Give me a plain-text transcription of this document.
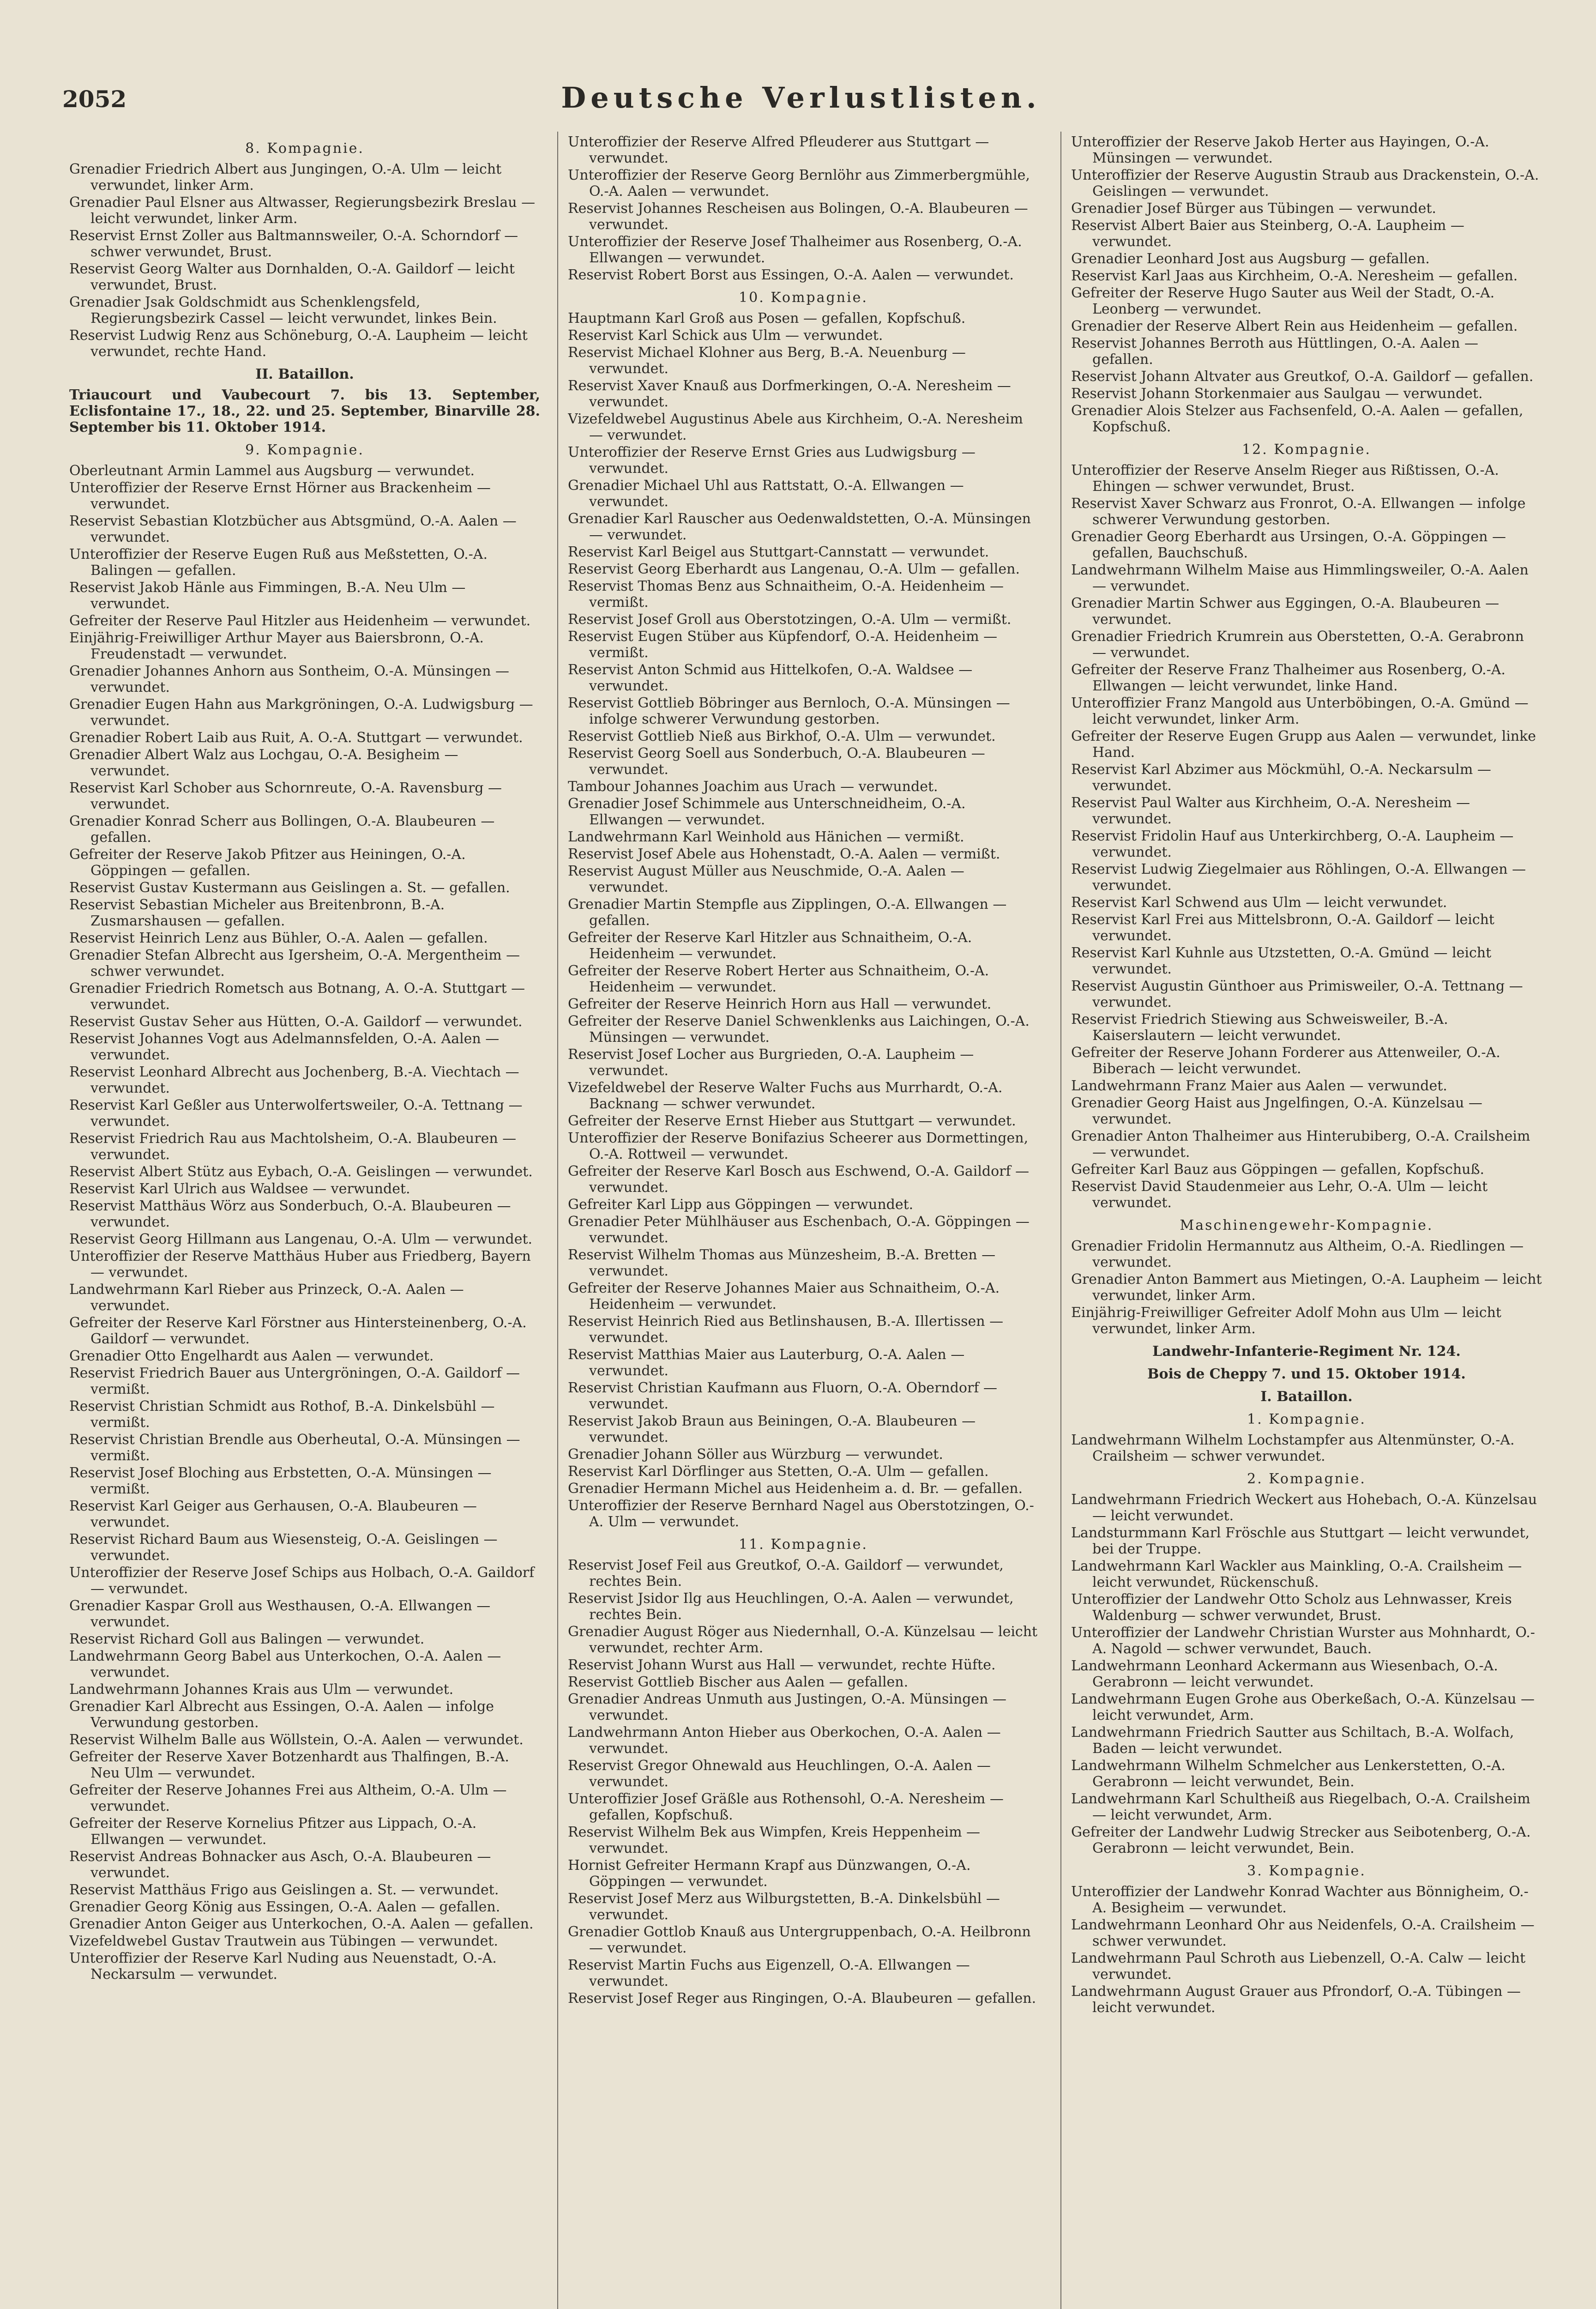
2052	Deutsche Verlustlisten.
8. Kompagnie.
Grenadier Friedrich Albert aus Jungingen, O.-A. Ulm — leicht verwundet, linker Arm.
Grenadier Paul Elsner aus Altwasser, Regierungsbezirk Breslau — leicht verwundet, linker Arm.
Reservist Ernst Zoller aus Baltmannsweiler, O.-A. Schorndorf — schwer verwundet, Brust.
Reservist Georg Walter aus Dornhalden, O.-A. Gaildorf — leicht verwundet, Brust.
Grenadier Jsak Goldschmidt aus Schenklengsfeld, Regierungsbezirk Cassel — leicht verwundet, linkes Bein.
Reservist Ludwig Renz aus Schöneburg, O.-A. Laupheim — leicht verwundet, rechte Hand.
II. Bataillon.
Triaucourt und Vaubecourt 7. bis 13. September, Eclisfontaine 17., 18., 22. und 25. September, Binarville 28. September bis 11. Oktober 1914.
9. Kompagnie.
Oberleutnant Armin Lammel aus Augsburg — verwundet.
Unteroffizier der Reserve Ernst Hörner aus Brackenheim — verwundet.
Reservist Sebastian Klotzbücher aus Abtsgmünd, O.-A. Aalen — verwundet.
Unteroffizier der Reserve Eugen Ruß aus Meßstetten, O.-A. Balingen — gefallen.
Reservist Jakob Hänle aus Fimmingen, B.-A. Neu Ulm — verwundet.
Gefreiter der Reserve Paul Hitzler aus Heidenheim — verwundet.
Einjährig-Freiwilliger Arthur Mayer aus Baiersbronn, O.-A. Freudenstadt — verwundet.
Grenadier Johannes Anhorn aus Sontheim, O.-A. Münsingen — verwundet.
Grenadier Eugen Hahn aus Markgröningen, O.-A. Ludwigsburg — verwundet.
Grenadier Robert Laib aus Ruit, A. O.-A. Stuttgart — verwundet.
Grenadier Albert Walz aus Lochgau, O.-A. Besigheim — verwundet.
Reservist Karl Schober aus Schornreute, O.-A. Ravensburg — verwundet.
Grenadier Konrad Scherr aus Bollingen, O.-A. Blaubeuren — gefallen.
Gefreiter der Reserve Jakob Pfitzer aus Heiningen, O.-A. Göppingen — gefallen.
Reservist Gustav Kustermann aus Geislingen a. St. — gefallen.
Reservist Sebastian Micheler aus Breitenbronn, B.-A. Zusmarshausen — gefallen.
Reservist Heinrich Lenz aus Bühler, O.-A. Aalen — gefallen.
Grenadier Stefan Albrecht aus Igersheim, O.-A. Mergentheim — schwer verwundet.
Grenadier Friedrich Rometsch aus Botnang, A. O.-A. Stuttgart — verwundet.
Reservist Gustav Seher aus Hütten, O.-A. Gaildorf — verwundet.
Reservist Johannes Vogt aus Adelmannsfelden, O.-A. Aalen — verwundet.
Reservist Leonhard Albrecht aus Jochenberg, B.-A. Viechtach — verwundet.
Reservist Karl Geßler aus Unterwolfertsweiler, O.-A. Tettnang — verwundet.
Reservist Friedrich Rau aus Machtolsheim, O.-A. Blaubeuren — verwundet.
Reservist Albert Stütz aus Eybach, O.-A. Geislingen — verwundet.
Reservist Karl Ulrich aus Waldsee — verwundet.
Reservist Matthäus Wörz aus Sonderbuch, O.-A. Blaubeuren — verwundet.
Reservist Georg Hillmann aus Langenau, O.-A. Ulm — verwundet.
Unteroffizier der Reserve Matthäus Huber aus Friedberg, Bayern — verwundet.
Landwehrmann Karl Rieber aus Prinzeck, O.-A. Aalen — verwundet.
Gefreiter der Reserve Karl Förstner aus Hintersteinenberg, O.-A. Gaildorf — verwundet.
Grenadier Otto Engelhardt aus Aalen — verwundet.
Reservist Friedrich Bauer aus Untergröningen, O.-A. Gaildorf — vermißt.
Reservist Christian Schmidt aus Rothof, B.-A. Dinkelsbühl — vermißt.
Reservist Christian Brendle aus Oberheutal, O.-A. Münsingen — vermißt.
Reservist Josef Bloching aus Erbstetten, O.-A. Münsingen — vermißt.
Reservist Karl Geiger aus Gerhausen, O.-A. Blaubeuren — verwundet.
Reservist Richard Baum aus Wiesensteig, O.-A. Geislingen — verwundet.
Unteroffizier der Reserve Josef Schips aus Holbach, O.-A. Gaildorf — verwundet.
Grenadier Kaspar Groll aus Westhausen, O.-A. Ellwangen — verwundet.
Reservist Richard Goll aus Balingen — verwundet.
Landwehrmann Georg Babel aus Unterkochen, O.-A. Aalen — verwundet.
Landwehrmann Johannes Krais aus Ulm — verwundet.
Grenadier Karl Albrecht aus Essingen, O.-A. Aalen — infolge Verwundung gestorben.
Reservist Wilhelm Balle aus Wöllstein, O.-A. Aalen — verwundet.
Gefreiter der Reserve Xaver Botzenhardt aus Thalfingen, B.-A. Neu Ulm — verwundet.
Gefreiter der Reserve Johannes Frei aus Altheim, O.-A. Ulm — verwundet.
Gefreiter der Reserve Kornelius Pfitzer aus Lippach, O.-A. Ellwangen — verwundet.
Reservist Andreas Bohnacker aus Asch, O.-A. Blaubeuren — verwundet.
Reservist Matthäus Frigo aus Geislingen a. St. — verwundet.
Grenadier Georg König aus Essingen, O.-A. Aalen — gefallen.
Grenadier Anton Geiger aus Unterkochen, O.-A. Aalen — gefallen.
Vizefeldwebel Gustav Trautwein aus Tübingen — verwundet.
Unteroffizier der Reserve Karl Nuding aus Neuenstadt, O.-A. Neckarsulm — verwundet.
Unteroffizier der Reserve Alfred Pfleuderer aus Stuttgart — verwundet.
Unteroffizier der Reserve Georg Bernlöhr aus Zimmerbergmühle, O.-A. Aalen — verwundet.
Reservist Johannes Rescheisen aus Bolingen, O.-A. Blaubeuren — verwundet.
Unteroffizier der Reserve Josef Thalheimer aus Rosenberg, O.-A. Ellwangen — verwundet.
Reservist Robert Borst aus Essingen, O.-A. Aalen — verwundet.
10. Kompagnie.
Hauptmann Karl Groß aus Posen — gefallen, Kopfschuß.
Reservist Karl Schick aus Ulm — verwundet.
Reservist Michael Klohner aus Berg, B.-A. Neuenburg — verwundet.
Reservist Xaver Knauß aus Dorfmerkingen, O.-A. Neresheim — verwundet.
Vizefeldwebel Augustinus Abele aus Kirchheim, O.-A. Neresheim — verwundet.
Unteroffizier der Reserve Ernst Gries aus Ludwigsburg — verwundet.
Grenadier Michael Uhl aus Rattstatt, O.-A. Ellwangen — verwundet.
Grenadier Karl Rauscher aus Oedenwaldstetten, O.-A. Münsingen — verwundet.
Reservist Karl Beigel aus Stuttgart-Cannstatt — verwundet.
Reservist Georg Eberhardt aus Langenau, O.-A. Ulm — gefallen.
Reservist Thomas Benz aus Schnaitheim, O.-A. Heidenheim — vermißt.
Reservist Josef Groll aus Oberstotzingen, O.-A. Ulm — vermißt.
Reservist Eugen Stüber aus Küpfendorf, O.-A. Heidenheim — vermißt.
Reservist Anton Schmid aus Hittelkofen, O.-A. Waldsee — verwundet.
Reservist Gottlieb Böbringer aus Bernloch, O.-A. Münsingen — infolge schwerer Verwundung gestorben.
Reservist Gottlieb Nieß aus Birkhof, O.-A. Ulm — verwundet.
Reservist Georg Soell aus Sonderbuch, O.-A. Blaubeuren — verwundet.
Tambour Johannes Joachim aus Urach — verwundet.
Grenadier Josef Schimmele aus Unterschneidheim, O.-A. Ellwangen — verwundet.
Landwehrmann Karl Weinhold aus Hänichen — vermißt.
Reservist Josef Abele aus Hohenstadt, O.-A. Aalen — vermißt.
Reservist August Müller aus Neuschmide, O.-A. Aalen — verwundet.
Grenadier Martin Stempfle aus Zipplingen, O.-A. Ellwangen — gefallen.
Gefreiter der Reserve Karl Hitzler aus Schnaitheim, O.-A. Heidenheim — verwundet.
Gefreiter der Reserve Robert Herter aus Schnaitheim, O.-A. Heidenheim — verwundet.
Gefreiter der Reserve Heinrich Horn aus Hall — verwundet.
Gefreiter der Reserve Daniel Schwenklenks aus Laichingen, O.-A. Münsingen — verwundet.
Reservist Josef Locher aus Burgrieden, O.-A. Laupheim — verwundet.
Vizefeldwebel der Reserve Walter Fuchs aus Murrhardt, O.-A. Backnang — schwer verwundet.
Gefreiter der Reserve Ernst Hieber aus Stuttgart — verwundet.
Unteroffizier der Reserve Bonifazius Scheerer aus Dormettingen, O.-A. Rottweil — verwundet.
Gefreiter der Reserve Karl Bosch aus Eschwend, O.-A. Gaildorf — verwundet.
Gefreiter Karl Lipp aus Göppingen — verwundet.
Grenadier Peter Mühlhäuser aus Eschenbach, O.-A. Göppingen — verwundet.
Reservist Wilhelm Thomas aus Münzesheim, B.-A. Bretten — verwundet.
Gefreiter der Reserve Johannes Maier aus Schnaitheim, O.-A. Heidenheim — verwundet.
Reservist Heinrich Ried aus Betlinshausen, B.-A. Illertissen — verwundet.
Reservist Matthias Maier aus Lauterburg, O.-A. Aalen — verwundet.
Reservist Christian Kaufmann aus Fluorn, O.-A. Oberndorf — verwundet.
Reservist Jakob Braun aus Beiningen, O.-A. Blaubeuren — verwundet.
Grenadier Johann Söller aus Würzburg — verwundet.
Reservist Karl Dörflinger aus Stetten, O.-A. Ulm — gefallen.
Grenadier Hermann Michel aus Heidenheim a. d. Br. — gefallen.
Unteroffizier der Reserve Bernhard Nagel aus Oberstotzingen, O.-A. Ulm — verwundet.
11. Kompagnie.
Reservist Josef Feil aus Greutkof, O.-A. Gaildorf — verwundet, rechtes Bein.
Reservist Jsidor Ilg aus Heuchlingen, O.-A. Aalen — verwundet, rechtes Bein.
Grenadier August Röger aus Niedernhall, O.-A. Künzelsau — leicht verwundet, rechter Arm.
Reservist Johann Wurst aus Hall — verwundet, rechte Hüfte.
Reservist Gottlieb Bischer aus Aalen — gefallen.
Grenadier Andreas Unmuth aus Justingen, O.-A. Münsingen — verwundet.
Landwehrmann Anton Hieber aus Oberkochen, O.-A. Aalen — verwundet.
Reservist Gregor Ohnewald aus Heuchlingen, O.-A. Aalen — verwundet.
Unteroffizier Josef Gräßle aus Rothensohl, O.-A. Neresheim — gefallen, Kopfschuß.
Reservist Wilhelm Bek aus Wimpfen, Kreis Heppenheim — verwundet.
Hornist Gefreiter Hermann Krapf aus Dünzwangen, O.-A. Göppingen — verwundet.
Reservist Josef Merz aus Wilburgstetten, B.-A. Dinkelsbühl — verwundet.
Grenadier Gottlob Knauß aus Untergruppenbach, O.-A. Heilbronn — verwundet.
Reservist Martin Fuchs aus Eigenzell, O.-A. Ellwangen — verwundet.
Reservist Josef Reger aus Ringingen, O.-A. Blaubeuren — gefallen.
Unteroffizier der Reserve Jakob Herter aus Hayingen, O.-A. Münsingen — verwundet.
Unteroffizier der Reserve Augustin Straub aus Drackenstein, O.-A. Geislingen — verwundet.
Grenadier Josef Bürger aus Tübingen — verwundet.
Reservist Albert Baier aus Steinberg, O.-A. Laupheim — verwundet.
Grenadier Leonhard Jost aus Augsburg — gefallen.
Reservist Karl Jaas aus Kirchheim, O.-A. Neresheim — gefallen.
Gefreiter der Reserve Hugo Sauter aus Weil der Stadt, O.-A. Leonberg — verwundet.
Grenadier der Reserve Albert Rein aus Heidenheim — gefallen.
Reservist Johannes Berroth aus Hüttlingen, O.-A. Aalen — gefallen.
Reservist Johann Altvater aus Greutkof, O.-A. Gaildorf — gefallen.
Reservist Johann Storkenmaier aus Saulgau — verwundet.
Grenadier Alois Stelzer aus Fachsenfeld, O.-A. Aalen — gefallen, Kopfschuß.
12. Kompagnie.
Unteroffizier der Reserve Anselm Rieger aus Rißtissen, O.-A. Ehingen — schwer verwundet, Brust.
Reservist Xaver Schwarz aus Fronrot, O.-A. Ellwangen — infolge schwerer Verwundung gestorben.
Grenadier Georg Eberhardt aus Ursingen, O.-A. Göppingen — gefallen, Bauchschuß.
Landwehrmann Wilhelm Maise aus Himmlingsweiler, O.-A. Aalen — verwundet.
Grenadier Martin Schwer aus Eggingen, O.-A. Blaubeuren — verwundet.
Grenadier Friedrich Krumrein aus Oberstetten, O.-A. Gerabronn — verwundet.
Gefreiter der Reserve Franz Thalheimer aus Rosenberg, O.-A. Ellwangen — leicht verwundet, linke Hand.
Unteroffizier Franz Mangold aus Unterböbingen, O.-A. Gmünd — leicht verwundet, linker Arm.
Gefreiter der Reserve Eugen Grupp aus Aalen — verwundet, linke Hand.
Reservist Karl Abzimer aus Möckmühl, O.-A. Neckarsulm — verwundet.
Reservist Paul Walter aus Kirchheim, O.-A. Neresheim — verwundet.
Reservist Fridolin Hauf aus Unterkirchberg, O.-A. Laupheim — verwundet.
Reservist Ludwig Ziegelmaier aus Röhlingen, O.-A. Ellwangen — verwundet.
Reservist Karl Schwend aus Ulm — leicht verwundet.
Reservist Karl Frei aus Mittelsbronn, O.-A. Gaildorf — leicht verwundet.
Reservist Karl Kuhnle aus Utzstetten, O.-A. Gmünd — leicht verwundet.
Reservist Augustin Günthoer aus Primisweiler, O.-A. Tettnang — verwundet.
Reservist Friedrich Stiewing aus Schweisweiler, B.-A. Kaiserslautern — leicht verwundet.
Gefreiter der Reserve Johann Forderer aus Attenweiler, O.-A. Biberach — leicht verwundet.
Landwehrmann Franz Maier aus Aalen — verwundet.
Grenadier Georg Haist aus Jngelfingen, O.-A. Künzelsau — verwundet.
Grenadier Anton Thalheimer aus Hinterubiberg, O.-A. Crailsheim — verwundet.
Gefreiter Karl Bauz aus Göppingen — gefallen, Kopfschuß.
Reservist David Staudenmeier aus Lehr, O.-A. Ulm — leicht verwundet.
Maschinengewehr-Kompagnie.
Grenadier Fridolin Hermannutz aus Altheim, O.-A. Riedlingen — verwundet.
Grenadier Anton Bammert aus Mietingen, O.-A. Laupheim — leicht verwundet, linker Arm.
Einjährig-Freiwilliger Gefreiter Adolf Mohn aus Ulm — leicht verwundet, linker Arm.
Landwehr-Infanterie-Regiment Nr. 124.
Bois de Cheppy 7. und 15. Oktober 1914.
I. Bataillon.
1. Kompagnie.
Landwehrmann Wilhelm Lochstampfer aus Altenmünster, O.-A. Crailsheim — schwer verwundet.
2. Kompagnie.
Landwehrmann Friedrich Weckert aus Hohebach, O.-A. Künzelsau — leicht verwundet.
Landsturmmann Karl Fröschle aus Stuttgart — leicht verwundet, bei der Truppe.
Landwehrmann Karl Wackler aus Mainkling, O.-A. Crailsheim — leicht verwundet, Rückenschuß.
Unteroffizier der Landwehr Otto Scholz aus Lehnwasser, Kreis Waldenburg — schwer verwundet, Brust.
Unteroffizier der Landwehr Christian Wurster aus Mohnhardt, O.-A. Nagold — schwer verwundet, Bauch.
Landwehrmann Leonhard Ackermann aus Wiesenbach, O.-A. Gerabronn — leicht verwundet.
Landwehrmann Eugen Grohe aus Oberkeßach, O.-A. Künzelsau — leicht verwundet, Arm.
Landwehrmann Friedrich Sautter aus Schiltach, B.-A. Wolfach, Baden — leicht verwundet.
Landwehrmann Wilhelm Schmelcher aus Lenkerstetten, O.-A. Gerabronn — leicht verwundet, Bein.
Landwehrmann Karl Schultheiß aus Riegelbach, O.-A. Crailsheim — leicht verwundet, Arm.
Gefreiter der Landwehr Ludwig Strecker aus Seibotenberg, O.-A. Gerabronn — leicht verwundet, Bein.
3. Kompagnie.
Unteroffizier der Landwehr Konrad Wachter aus Bönnigheim, O.-A. Besigheim — verwundet.
Landwehrmann Leonhard Ohr aus Neidenfels, O.-A. Crailsheim — schwer verwundet.
Landwehrmann Paul Schroth aus Liebenzell, O.-A. Calw — leicht verwundet.
Landwehrmann August Grauer aus Pfrondorf, O.-A. Tübingen — leicht verwundet.
